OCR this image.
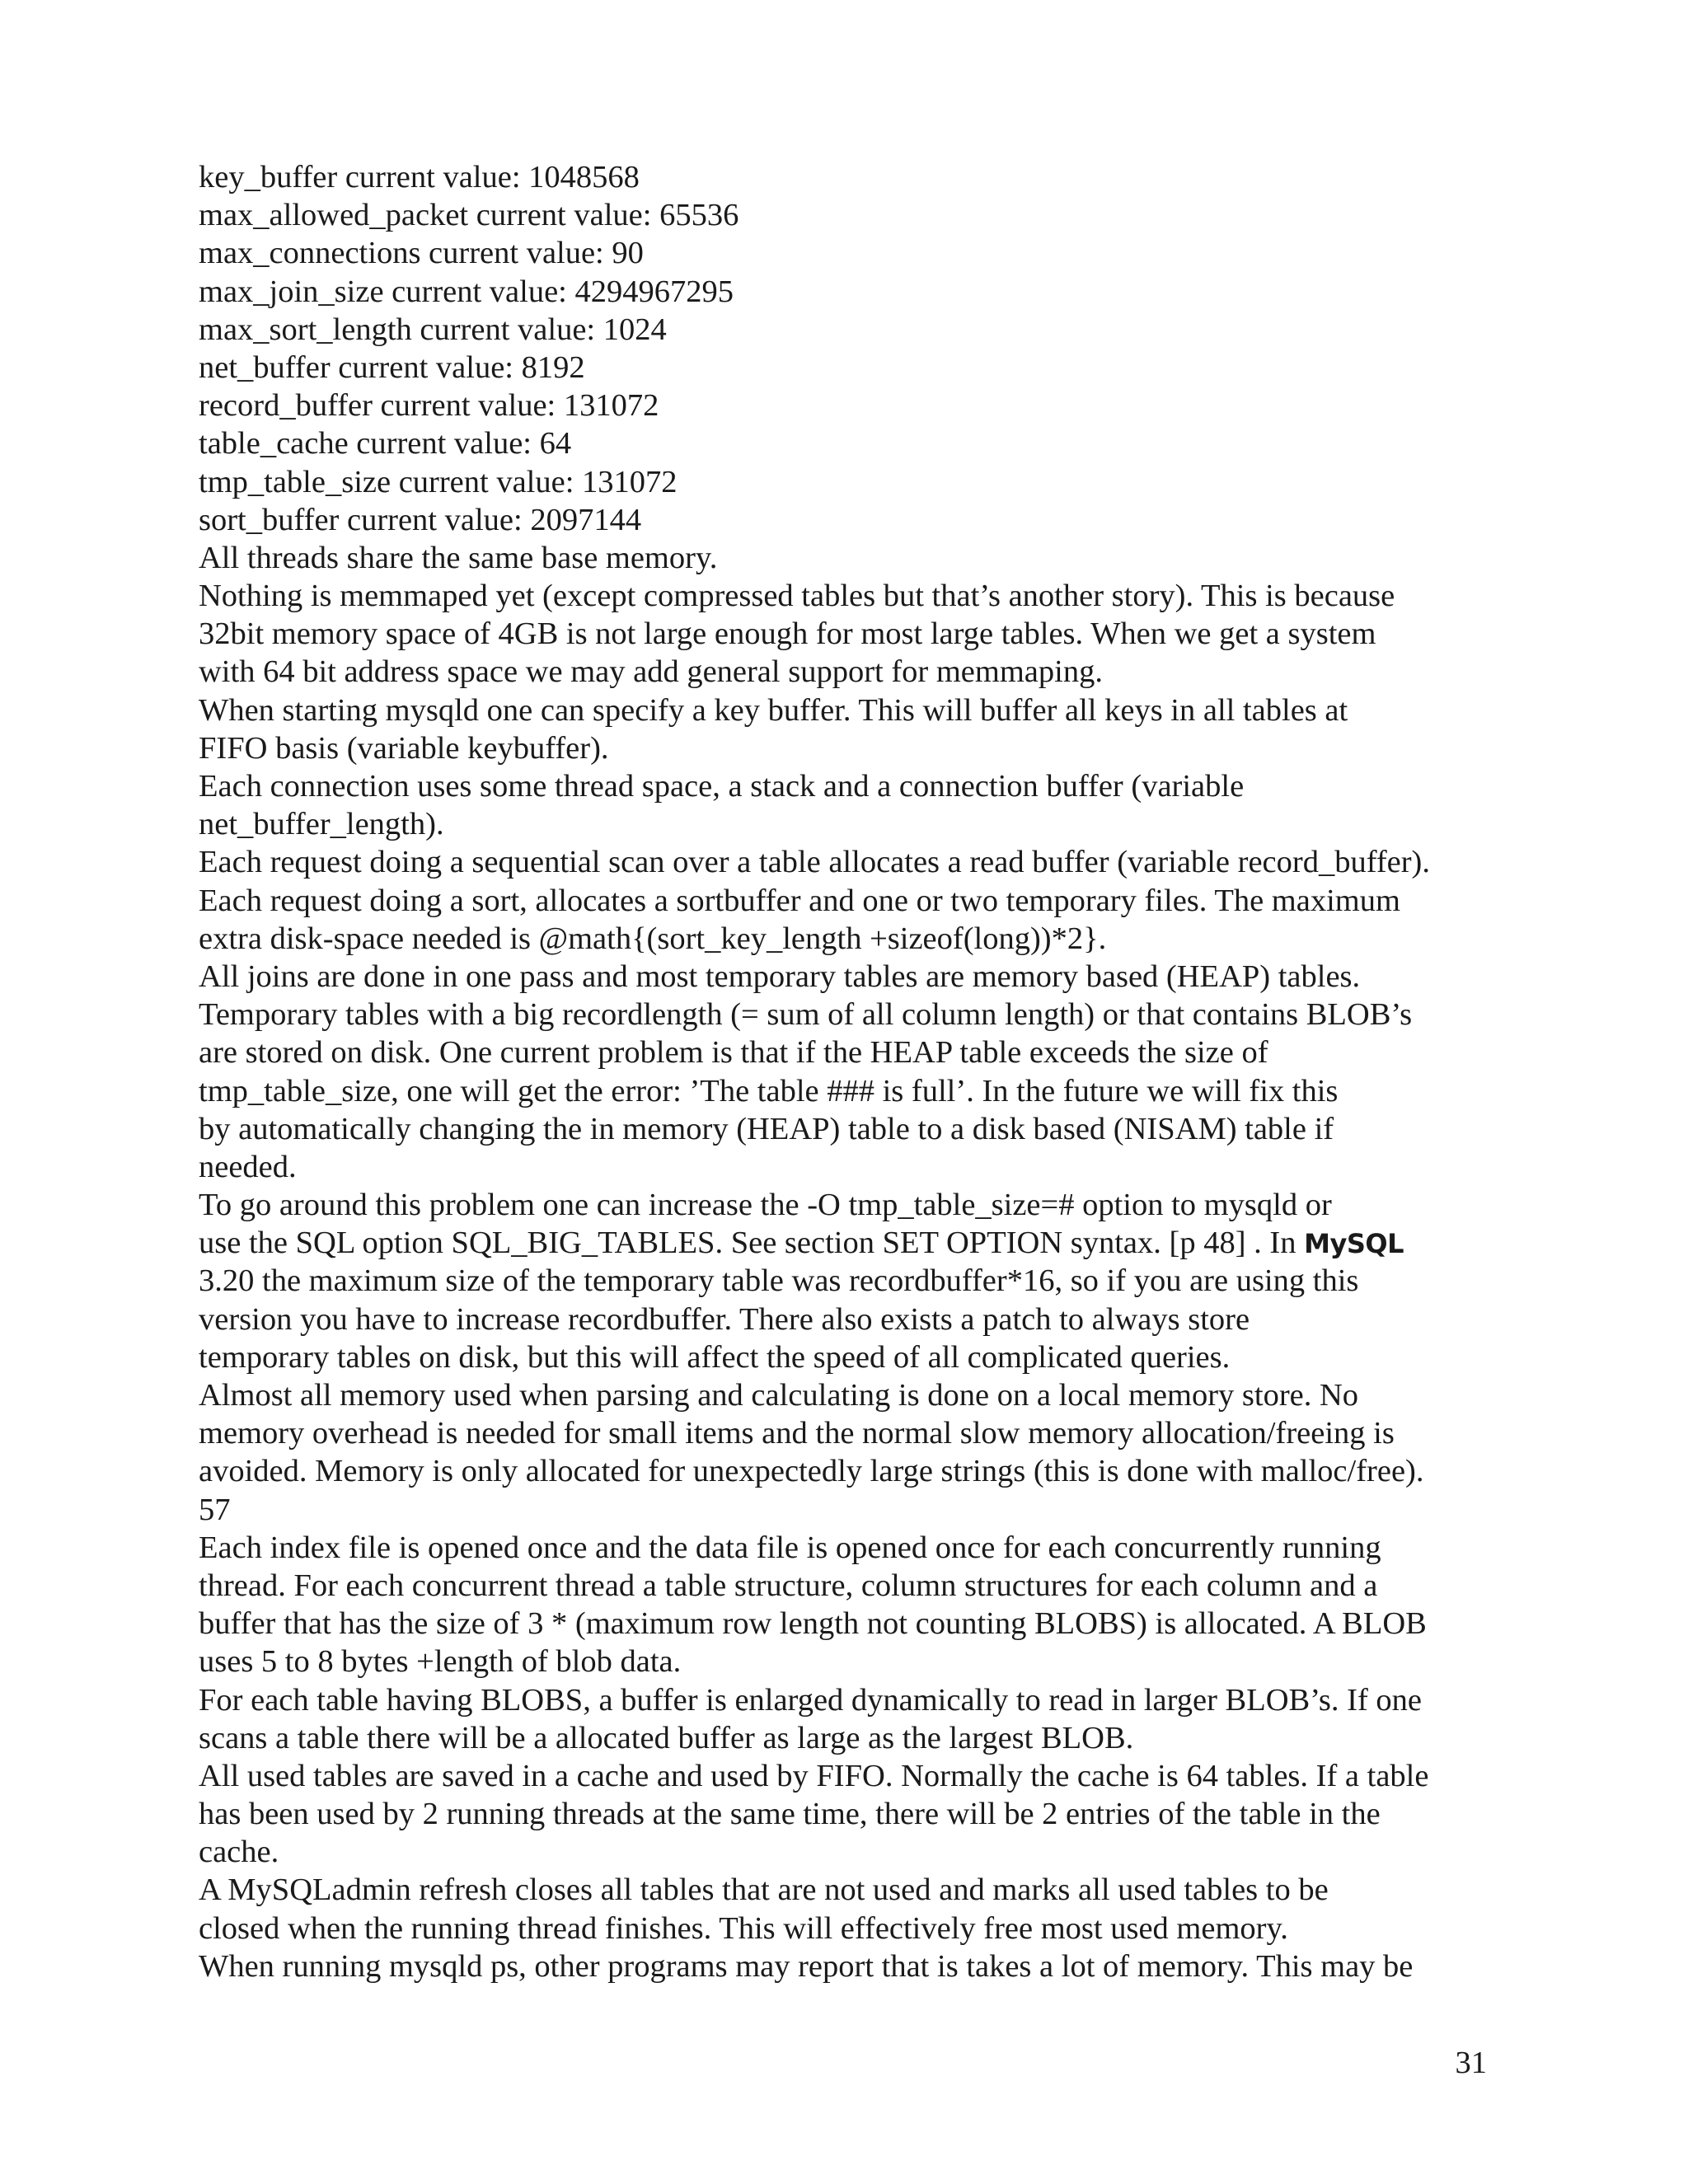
key_buffer current value: 1048568
max_allowed_packet current value: 65536
max_connections current value: 90
max_join_size current value: 4294967295
max_sort_length current value: 1024
net_buffer current value: 8192
record_buffer current value: 131072
table_cache current value: 64
tmp_table_size current value: 131072
sort_buffer current value: 2097144
All threads share the same base memory.
Nothing is memmaped yet (except compressed tables but that’s another story). This is because
32bit memory space of 4GB is not large enough for most large tables. When we get a system
with 64 bit address space we may add general support for memmaping.
When starting mysqld one can specify a key buffer. This will buffer all keys in all tables at
FIFO basis (variable keybuffer).
Each connection uses some thread space, a stack and a connection buffer (variable
net_buffer_length).
Each request doing a sequential scan over a table allocates a read buffer (variable record_buffer).
Each request doing a sort, allocates a sortbuffer and one or two temporary files. The maximum
extra disk-space needed is @math{(sort_key_length +sizeof(long))*2}.
All joins are done in one pass and most temporary tables are memory based (HEAP) tables.
Temporary tables with a big recordlength (= sum of all column length) or that contains BLOB’s
are stored on disk. One current problem is that if the HEAP table exceeds the size of
tmp_table_size, one will get the error: ’The table ### is full’. In the future we will fix this
by automatically changing the in memory (HEAP) table to a disk based (NISAM) table if
needed.
To go around this problem one can increase the -O tmp_table_size=# option to mysqld or
use the SQL option SQL_BIG_TABLES. See section SET OPTION syntax. [p 48] . In MySQL
3.20 the maximum size of the temporary table was recordbuffer*16, so if you are using this
version you have to increase recordbuffer. There also exists a patch to always store
temporary tables on disk, but this will affect the speed of all complicated queries.
Almost all memory used when parsing and calculating is done on a local memory store. No
memory overhead is needed for small items and the normal slow memory allocation/freeing is
avoided. Memory is only allocated for unexpectedly large strings (this is done with malloc/free).
57
Each index file is opened once and the data file is opened once for each concurrently running
thread. For each concurrent thread a table structure, column structures for each column and a
buffer that has the size of 3 * (maximum row length not counting BLOBS) is allocated. A BLOB
uses 5 to 8 bytes +length of blob data.
For each table having BLOBS, a buffer is enlarged dynamically to read in larger BLOB’s. If one
scans a table there will be a allocated buffer as large as the largest BLOB.
All used tables are saved in a cache and used by FIFO. Normally the cache is 64 tables. If a table
has been used by 2 running threads at the same time, there will be 2 entries of the table in the
cache.
A MySQLadmin refresh closes all tables that are not used and marks all used tables to be
closed when the running thread finishes. This will effectively free most used memory.
When running mysqld ps, other programs may report that is takes a lot of memory. This may be
31
